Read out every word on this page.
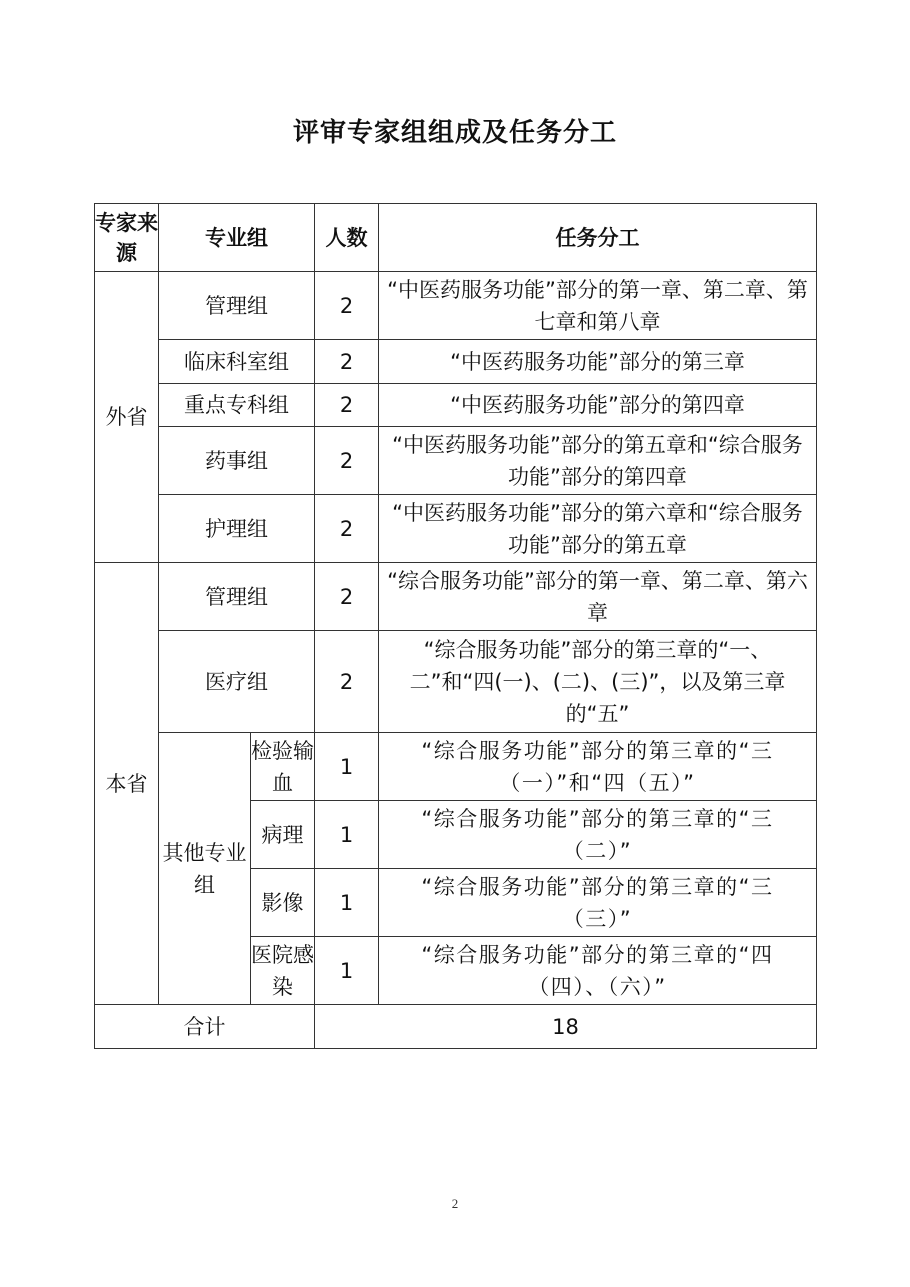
评审专家组组成及任务分工
专家来源	专业组		人数	任务分工
外省	管理组		2	“中医药服务功能”部分的第一章、第二章、第七章和第八章
	临床科室组		2	“中医药服务功能”部分的第三章
	重点专科组		2	“中医药服务功能”部分的第四章
	药事组		2	“中医药服务功能”部分的第五章和“综合服务功能”部分的第四章
	护理组		2	“中医药服务功能”部分的第六章和“综合服务功能”部分的第五章
本省	管理组		2	“综合服务功能”部分的第一章、第二章、第六章
	医疗组		2	“综合服务功能”部分的第三章的“一、二”和“四(一)、(二)、(三)”，以及第三章的“五”
	其他专业组	检验输血	1	“综合服务功能”部分的第三章的“三（一）”和“四（五）”
		病理	1	“综合服务功能”部分的第三章的“三（二）”
		影像	1	“综合服务功能”部分的第三章的“三（三）”
		医院感染	1	“综合服务功能”部分的第三章的“四（四）、（六）”
合计			18	
2
